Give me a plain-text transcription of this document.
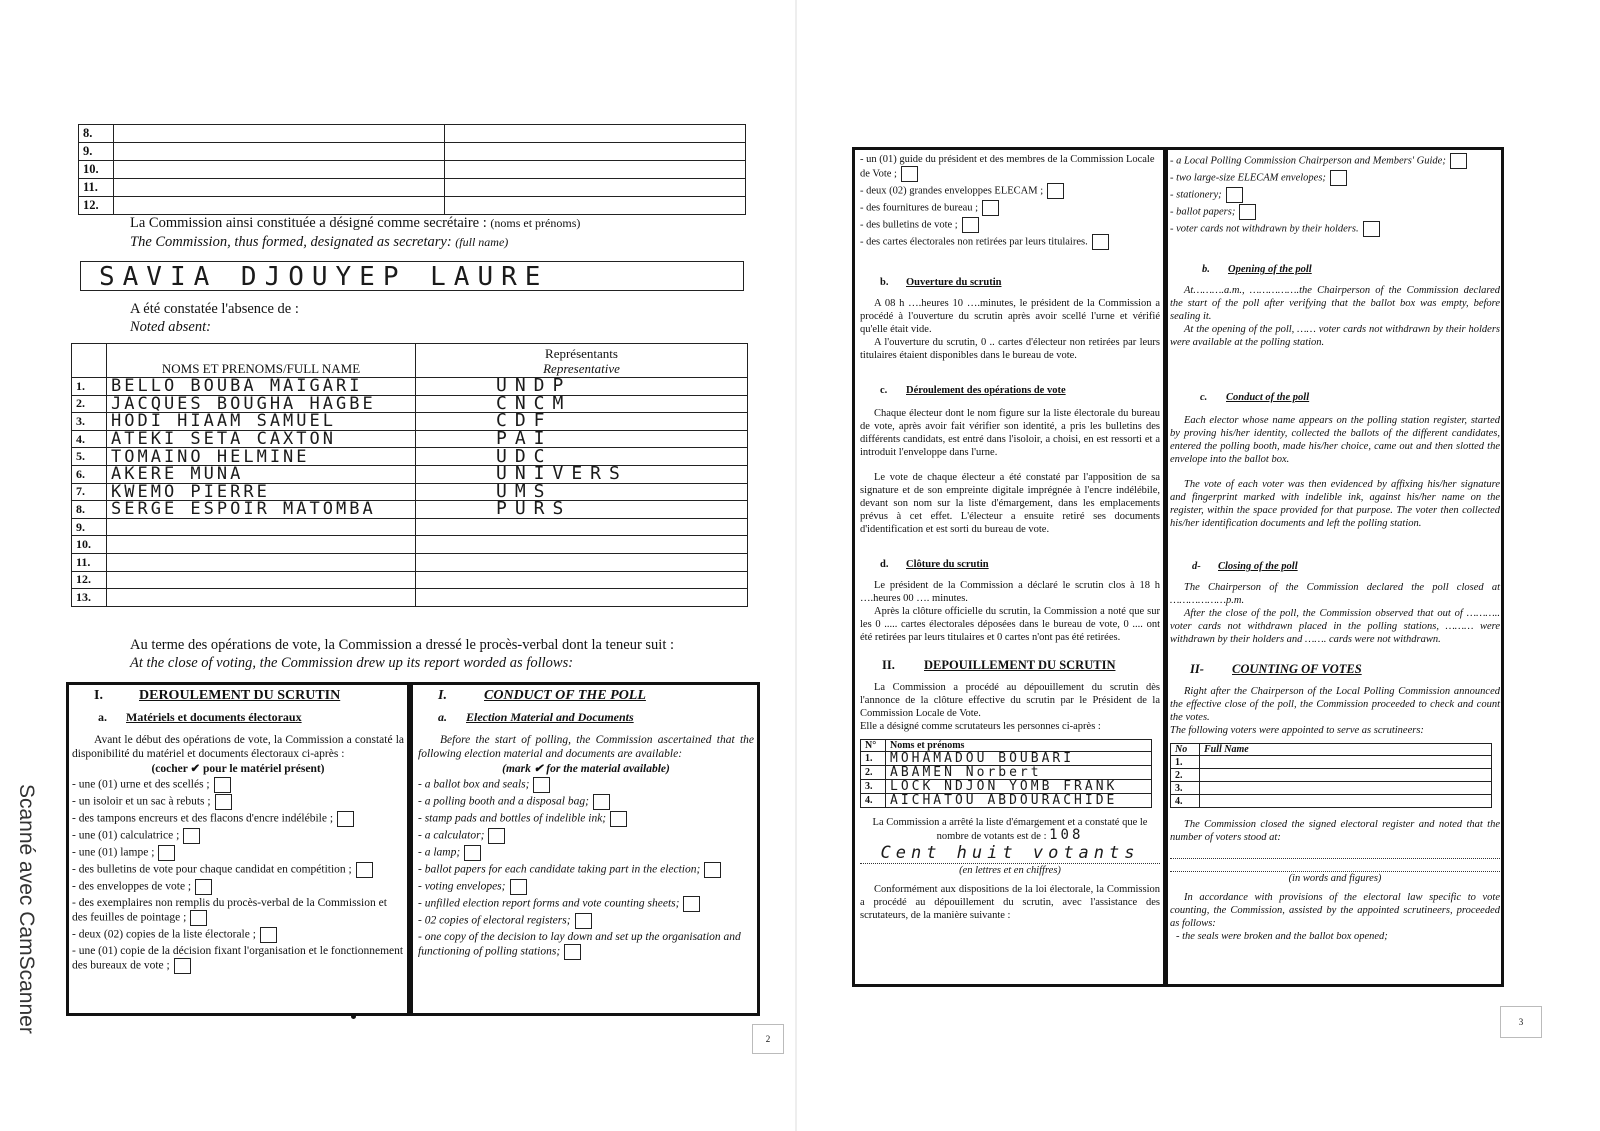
8.		
9.		
10.		
11.		
12.		
La Commission ainsi constituée a désigné comme secrétaire : (noms et prénoms)
The Commission, thus formed, designated as secretary: (full name)
SAVIA DJOUYEP LAURE
A été constatée l'absence de :
Noted absent:
	NOMS ET PRENOMS/FULL NAME	Représentants
Representative
1.	BELLO BOUBA MAIGARI	UNDP
2.	JACQUES BOUGHA HAGBE	CNCM
3.	HODI HIAAM SAMUEL	CDF
4.	ATEKI SETA CAXTON	PAI
5.	TOMAINO HELMINE	UDC
6.	AKERE MUNA	UNIVERS
7.	KWEMO PIERRE	UMS
8.	SERGE ESPOIR MATOMBA	PURS
9.		
10.		
11.		
12.		
13.		
Au terme des opérations de vote, la Commission a dressé le procès-verbal dont la teneur suit :
At the close of voting, the Commission drew up its report worded as follows:
I.	DEROULEMENT DU SCRUTIN
a. Matériels et documents électoraux

Avant le début des opérations de vote, la Commission a constaté la disponibilité du matériel et documents électoraux ci-après :

(cocher ✔ pour le matériel présent)

- une (01) urne et des scellés ;
- un isoloir et un sac à rebuts ;
- des tampons encreurs et des flacons d'encre indélébile ;
- une (01) calculatrice ;
- une (01) lampe ;
- des bulletins de vote pour chaque candidat en compétition ;
- des enveloppes de vote ;
- des exemplaires non remplis du procès-verbal de la Commission et des feuilles de pointage ;
- deux (02) copies de la liste électorale ;
- une (01) copie de la décision fixant l'organisation et le fonctionnement des bureaux de vote ;
I.	CONDUCT OF THE POLL
a. Election Material and Documents

Before the start of polling, the Commission ascertained that the following election material and documents are available:

(mark ✔ for the material available)

- a ballot box and seals;
- a polling booth and a disposal bag;
- stamp pads and bottles of indelible ink;
- a calculator;
- a lamp;
- ballot papers for each candidate taking part in the election;
- voting envelopes;
- unfilled election report forms and vote counting sheets;
- 02 copies of electoral registers;
- one copy of the decision to lay down and set up the organisation and functioning of polling stations;
2
Scanné avec CamScanner
- un (01) guide du président et des membres de la Commission Locale de Vote ;
- deux (02) grandes enveloppes ELECAM ;
- des fournitures de bureau ;
- des bulletins de vote ;
- des cartes électorales non retirées par leurs titulaires.
b. Ouverture du scrutin

A 08 h ….heures 10 ….minutes, le président de la Commission a procédé à l'ouverture du scrutin après avoir scellé l'urne et vérifié qu'elle était vide.

A l'ouverture du scrutin, 0 .. cartes d'électeur non retirées par leurs titulaires étaient disponibles dans le bureau de vote.

c. Déroulement des opérations de vote

Chaque électeur dont le nom figure sur la liste électorale du bureau de vote, après avoir fait vérifier son identité, a pris les bulletins des différents candidats, est entré dans l'isoloir, a choisi, en est ressorti et a introduit l'enveloppe dans l'urne.

Le vote de chaque électeur a été constaté par l'apposition de sa signature et de son empreinte digitale imprégnée à l'encre indélébile, devant son nom sur la liste d'émargement, dans les emplacements prévus à cet effet. L'électeur a ensuite retiré ses documents d'identification et est sorti du bureau de vote.

d. Clôture du scrutin

Le président de la Commission a déclaré le scrutin clos à 18 h ….heures 00 …. minutes.

Après la clôture officielle du scrutin, la Commission a noté que sur les 0 ..... cartes électorales déposées dans le bureau de vote, 0 .... ont été retirées par leurs titulaires et 0 cartes n'ont pas été retirées.

II. DEPOUILLEMENT DU SCRUTIN

La Commission a procédé au dépouillement du scrutin dès l'annonce de la clôture effective du scrutin par le Président de la Commission Locale de Vote.

Elle a désigné comme scrutateurs les personnes ci-après :

N°	Noms et prénoms
1.	MOHAMADOU BOUBARI
2.	ABAMEN Norbert
3.	LOCK NDJON YOMB FRANK
4.	AICHATOU ABDOURACHIDE

La Commission a arrêté la liste d'émargement et a constaté que le nombre de votants est de : 108

Cent huit votants

(en lettres et en chiffres)

Conformément aux dispositions de la loi électorale, la Commission a procédé au dépouillement du scrutin, avec l'assistance des scrutateurs, de la manière suivante :

- a Local Polling Commission Chairperson and Members' Guide;
- two large-size ELECAM envelopes;
- stationery;
- ballot papers;
- voter cards not withdrawn by their holders.
b. Opening of the poll

At……….a.m., …………….the Chairperson of the Commission declared the start of the poll after verifying that the ballot box was empty, before sealing it.

At the opening of the poll, …… voter cards not withdrawn by their holders were available at the polling station.

c. Conduct of the poll

Each elector whose name appears on the polling station register, started by proving his/her identity, collected the ballots of the different candidates, entered the polling booth, made his/her choice, came out and then slotted the envelope into the ballot box.

The vote of each voter was then evidenced by affixing his/her signature and fingerprint marked with indelible ink, against his/her name on the register, within the space provided for that purpose. The voter then collected his/her identification documents and left the polling station.

d- Closing of the poll

The Chairperson of the Commission declared the poll closed at ………………p.m.

After the close of the poll, the Commission observed that out of ……….. voter cards not withdrawn placed in the polling stations, ……… were withdrawn by their holders and ……. cards were not withdrawn.

II- COUNTING OF VOTES

Right after the Chairperson of the Local Polling Commission announced the effective close of the poll, the Commission proceeded to check and count the votes.

The following voters were appointed to serve as scrutineers:

No	Full Name
1.	
2.	
3.	
4.	

The Commission closed the signed electoral register and noted that the number of voters stood at:

(in words and figures)

In accordance with provisions of the electoral law specific to vote counting, the Commission, assisted by the appointed scrutineers, proceeded as follows:

- the seals were broken and the ballot box opened;

3
